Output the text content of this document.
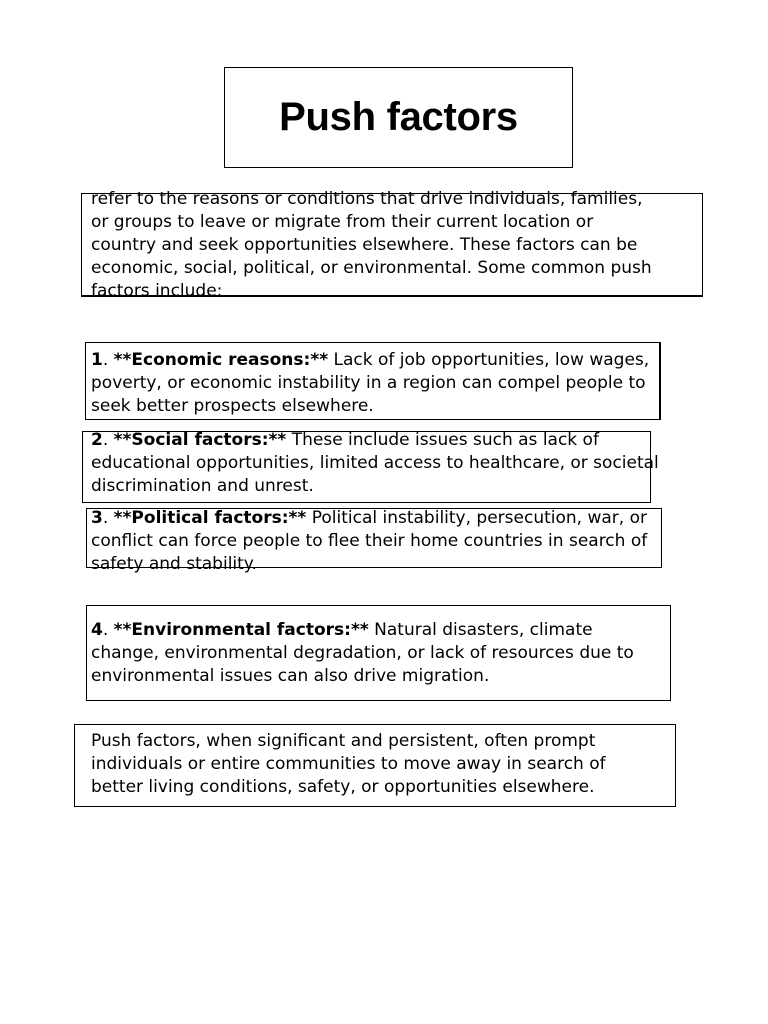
Push factors

refer to the reasons or conditions that drive individuals, families,
or groups to leave or migrate from their current location or
country and seek opportunities elsewhere. These factors can be
economic, social, political, or environmental. Some common push
factors include:

1. **Economic reasons:** Lack of job opportunities, low wages,
poverty, or economic instability in a region can compel people to
seek better prospects elsewhere.

2. **Social factors:** These include issues such as lack of
educational opportunities, limited access to healthcare, or societal
discrimination and unrest.

3. **Political factors:** Political instability, persecution, war, or
conflict can force people to flee their home countries in search of
safety and stability.

4. **Environmental factors:** Natural disasters, climate
change, environmental degradation, or lack of resources due to
environmental issues can also drive migration.

Push factors, when significant and persistent, often prompt
individuals or entire communities to move away in search of
better living conditions, safety, or opportunities elsewhere.
